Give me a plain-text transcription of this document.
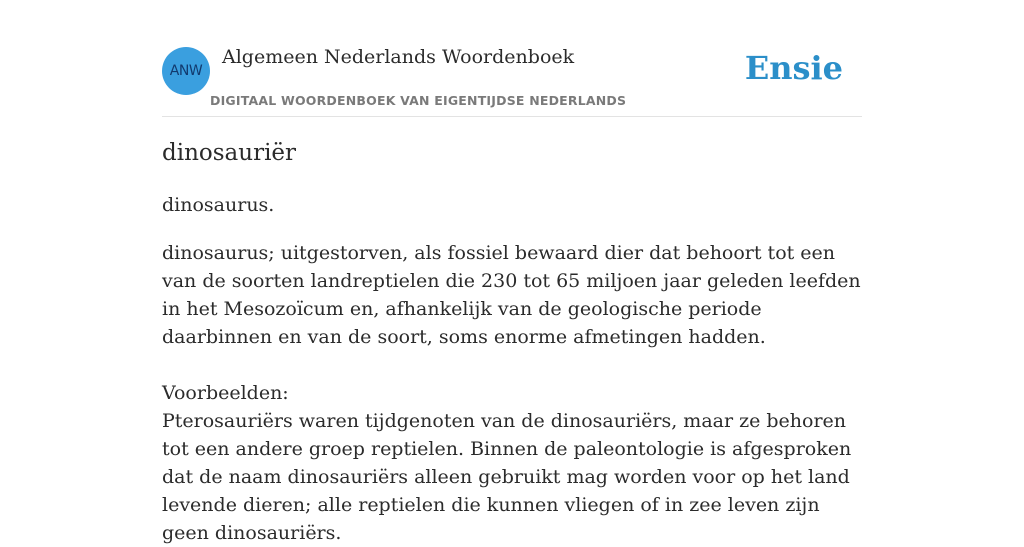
ANW
Algemeen Nederlands Woordenboek
DIGITAAL WOORDENBOEK VAN EIGENTIJDSE NEDERLANDS
Ensie
dinosauriër
dinosaurus.

dinosaurus; uitgestorven, als fossiel bewaard dier dat behoort tot een van de soorten landreptielen die 230 tot 65 miljoen jaar geleden leefden in het Mesozoïcum en, afhankelijk van de geologische periode daarbinnen en van de soort, soms enorme afmetingen hadden.

Voorbeelden:

Pterosauriërs waren tijdgenoten van de dinosauriërs, maar ze behoren tot een andere groep reptielen. Binnen de paleontologie is afgesproken dat de naam dinosauriërs alleen gebruikt mag worden voor op het land levende dieren; alle reptielen die kunnen vliegen of in zee leven zijn geen dinosauriërs.
